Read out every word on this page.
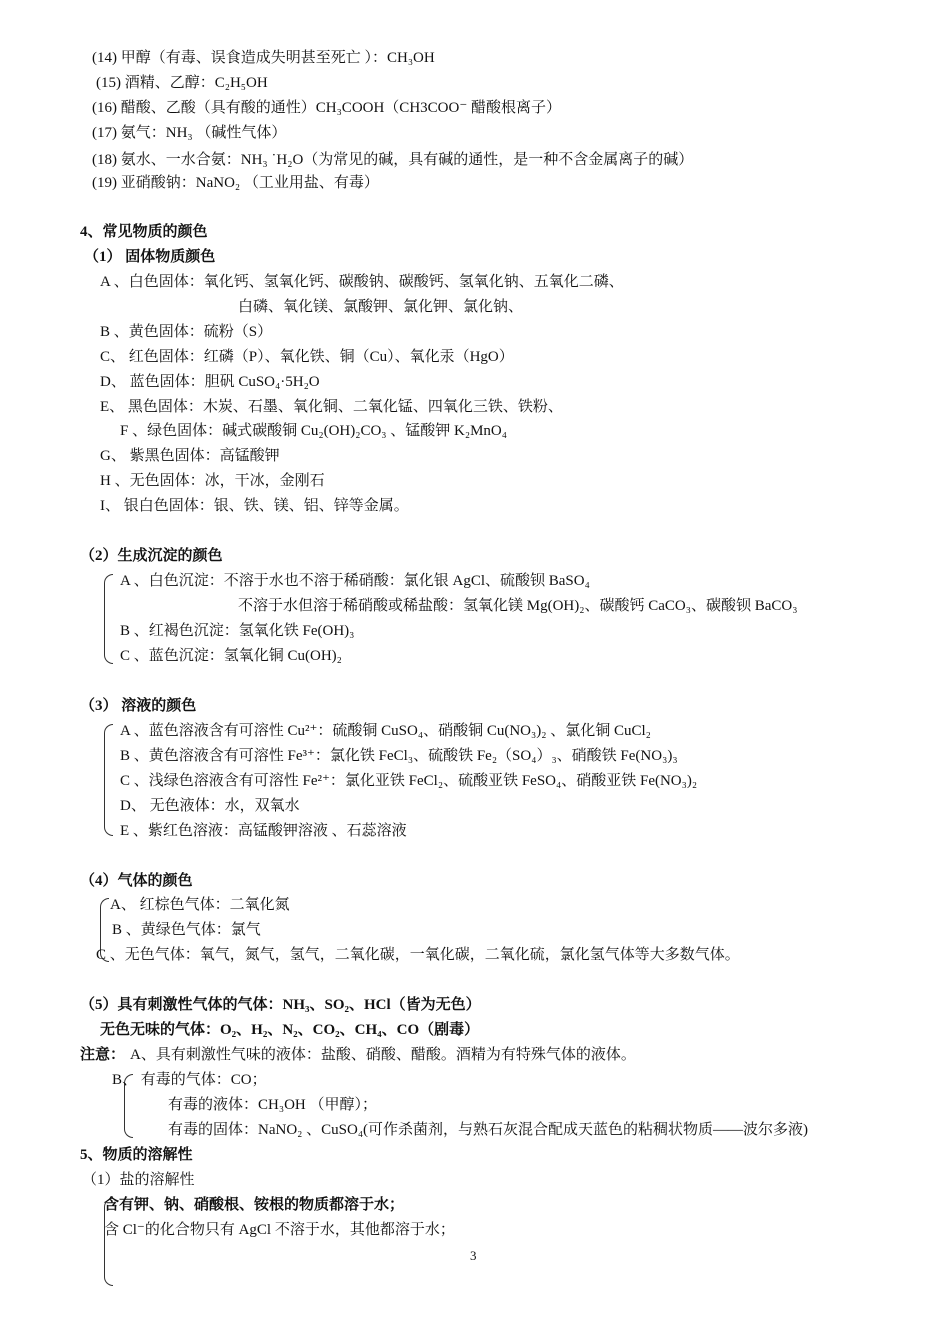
(14) 甲醇（有毒、误食造成失明甚至死亡 ）：CH₃OH
(15) 酒精、乙醇：C₂H₅OH
(16) 醋酸、乙酸（具有酸的通性）CH₃COOH（CH3COO⁻ 醋酸根离子）
(17) 氨气：NH₃ （碱性气体）
(18) 氨水、一水合氨：NH₃ ˙H₂O（为常见的碱，具有碱的通性，是一种不含金属离子的碱）
(19) 亚硝酸钠：NaNO₂ （工业用盐、有毒）
4、常见物质的颜色
（1） 固体物质颜色
A 、白色固体：氧化钙、氢氧化钙、碳酸钠、碳酸钙、氢氧化钠、五氧化二磷、
白磷、氧化镁、氯酸钾、氯化钾、氯化钠、
B 、黄色固体：硫粉（S）
C、 红色固体：红磷（P）、氧化铁、铜（Cu）、氧化汞（HgO）
D、 蓝色固体：胆矾 CuSO₄·5H₂O
E、 黑色固体：木炭、石墨、氧化铜、二氧化锰、四氧化三铁、铁粉、
F 、绿色固体：碱式碳酸铜 Cu₂(OH)₂CO₃ 、锰酸钾 K₂MnO₄
G、 紫黑色固体：高锰酸钾
H 、无色固体：冰，干冰，金刚石
I、 银白色固体：银、铁、镁、铝、锌等金属。
（2）生成沉淀的颜色
A 、白色沉淀：不溶于水也不溶于稀硝酸：氯化银 AgCl、硫酸钡 BaSO₄
不溶于水但溶于稀硝酸或稀盐酸：氢氧化镁 Mg(OH)₂、碳酸钙 CaCO₃、碳酸钡 BaCO₃
B 、红褐色沉淀：氢氧化铁 Fe(OH)₃
C 、蓝色沉淀：氢氧化铜 Cu(OH)₂
（3） 溶液的颜色
A 、蓝色溶液含有可溶性 Cu²⁺：硫酸铜 CuSO₄、硝酸铜 Cu(NO₃)₂ 、氯化铜 CuCl₂
B 、黄色溶液含有可溶性 Fe³⁺：氯化铁 FeCl₃、硫酸铁 Fe₂（SO₄）₃、硝酸铁 Fe(NO₃)₃
C 、浅绿色溶液含有可溶性 Fe²⁺：氯化亚铁 FeCl₂、硫酸亚铁 FeSO₄、硝酸亚铁 Fe(NO₃)₂
D、 无色液体：水，双氧水
E 、紫红色溶液：高锰酸钾溶液 、石蕊溶液
（4）气体的颜色
A、 红棕色气体：二氧化氮
B 、黄绿色气体：氯气
C 、无色气体：氧气，氮气，氢气，二氧化碳，一氧化碳，二氧化硫，氯化氢气体等大多数气体。
（5）具有刺激性气体的气体：NH₃、SO₂、HCl（皆为无色）
无色无味的气体：O₂、H₂、N₂、CO₂、CH₄、CO（剧毒）
注意： A、具有刺激性气味的液体：盐酸、硝酸、醋酸。酒精为有特殊气体的液体。
B、 有毒的气体：CO；
有毒的液体：CH₃OH （甲醇）；
有毒的固体：NaNO₂ 、CuSO₄(可作杀菌剂，与熟石灰混合配成天蓝色的粘稠状物质——波尔多液)
5、物质的溶解性
（1）盐的溶解性
含有钾、钠、硝酸根、铵根的物质都溶于水；
含 Cl⁻的化合物只有 AgCl 不溶于水，其他都溶于水；
3
